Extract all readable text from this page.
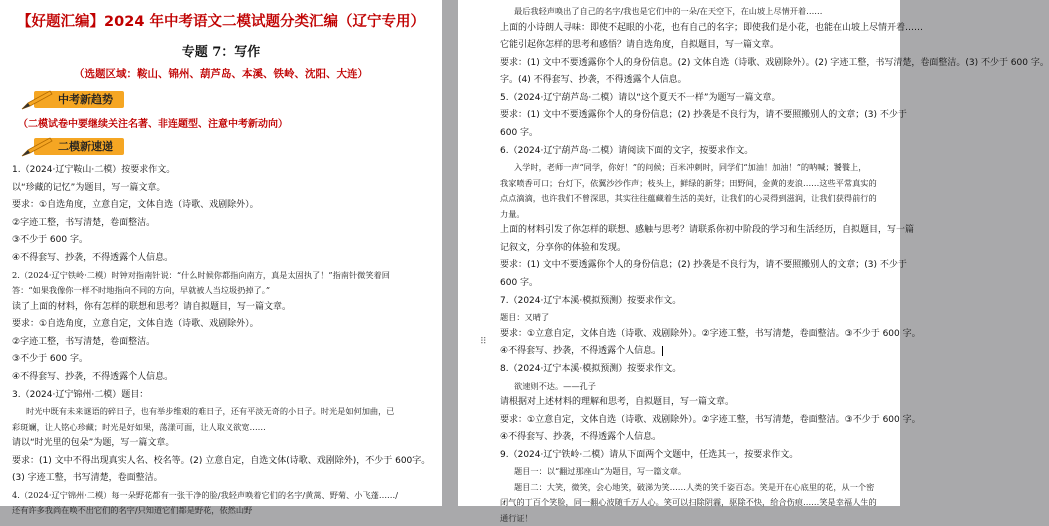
【好题汇编】2024 年中考语文二模试题分类汇编（辽宁专用）
专题 7：写作
（选题区域：鞍山、锦州、葫芦岛、本溪、铁岭、沈阳、大连）
中考新趋势
（二模试卷中要继续关注名著、非连题型、注意中考新动向）
二模新速递
1.（2024·辽宁鞍山·二模）按要求作文。
以“珍藏的记忆”为题目，写一篇文章。
要求：①自选角度，立意自定，文体自选（诗歌、戏剧除外）。
②字迹工整，书写清楚，卷面整洁。
③不少于 600 字。
④不得套写、抄袭，不得透露个人信息。
2.（2024·辽宁铁岭·二模）时钟对指南针说：“什么时候你都指向南方，真是太固执了！”指南针微笑着回
答：“如果我像你一样不时地指向不同的方向，早就被人当垃圾扔掉了。”
读了上面的材料，你有怎样的联想和思考？请自拟题目，写一篇文章。
要求：①自选角度，立意自定，文体自选（诗歌、戏剧除外）。
②字迹工整，书写清楚，卷面整洁。
③不少于 600 字。
④不得套写、抄袭，不得透露个人信息。
3.（2024·辽宁锦州·二模）题目：
时光中既有未来谜语的碎日子，也有举步维艰的难日子，还有平淡无奇的小日子。时光是如何加曲，已
彩斑斓，让人铭心珍藏；时光是好如果，荡漾可面，让人取义欲宽……
请以“时光里的包朵”为题，写一篇文章。
要求：(1) 文中不得出现真实人名、校名等。(2) 立意自定，自选文体(诗歌、戏剧除外)，不少于 600字。
(3) 字迹工整，书写清楚，卷面整洁。
4.（2024·辽宁锦州·二模）每一朵野花都有一张干净的脸/我轻声唤着它们的名字/黄蒿、野菊、小飞蓬……/
还有许多我尚在唤不出它们的名字/只知道它们都是野花，依然山野
⠿
最后我轻声唤出了自己的名字/我也是它们中的一朵/在天空下，在山坡上尽情开着……
上面的小诗朗人寻味：即使不起眼的小花，也有自己的名字；即使我们是小花，也能在山坡上尽情开着……
它能引起你怎样的思考和感悟？请自选角度，自拟题目，写一篇文章。
要求：(1) 文中不要透露你个人的身份信息。(2) 文体自选（诗歌、戏剧除外）。(2) 字迹工整，书写清楚，卷面整洁。(3) 不少于 600 字。
字。(4) 不得套写、抄袭，不得透露个人信息。
5.（2024·辽宁葫芦岛·二模）请以“这个夏天不一样”为题写一篇文章。
要求：(1) 文中不要透露你个人的身份信息；(2) 抄袭是不良行为，请不要照搬别人的文章；(3) 不少于
600 字。
6.（2024·辽宁葫芦岛·二模）请阅读下面的文字，按要求作文。
入学时，老师一声“同学，你好！”的问候；百米冲刺时，同学们“加油！加油！”的呐喊；饕餮上，
我家喷香可口；台灯下，依翼沙沙作声；枝头上，鲜绿的新芽；田野间，金黄的麦浪……这些平常真实的
点点滴滴，也许我们不曾深思，其实往往蕴藏着生活的美好，让我们的心灵得到滋润，让我们获得前行的
力量。
上面的材料引发了你怎样的联想、感触与思考？请联系你初中阶段的学习和生活经历，自拟题目，写一篇
记叙文，分享你的体验和发现。
要求：(1) 文中不要透露你个人的身份信息；(2) 抄袭是不良行为，请不要照搬别人的文章；(3) 不少于
600 字。
7.（2024·辽宁本溪·模拟预测）按要求作文。
题目：又晴了
要求：①立意自定，文体自选（诗歌、戏剧除外）。②字迹工整，书写清楚，卷面整洁。③不少于 600 字。
④不得套写、抄袭，不得透露个人信息。
8.（2024·辽宁本溪·模拟预测）按要求作文。
欲速则不达。——孔子
请根据对上述材料的理解和思考，自拟题目，写一篇文章。
要求：①立意自定，文体自选（诗歌、戏剧除外）。②字迹工整，书写清楚，卷面整洁。③不少于 600 字。
④不得套写、抄袭，不得透露个人信息。
9.（2024·辽宁铁岭·二模）请从下面两个文题中，任选其一，按要求作文。
题目一：以“翻过那座山”为题目，写一篇文章。
题目二：大笑，微笑，会心地笑，破涕为笑……人类的笑千姿百态。笑是开在心底里的花，从一个密
闭气的丁百个笑脸，同一翻心波随千万人心。笑可以扫除阴霾，驱除不快，给合伤痕……笑是幸福人生的
通行证！
